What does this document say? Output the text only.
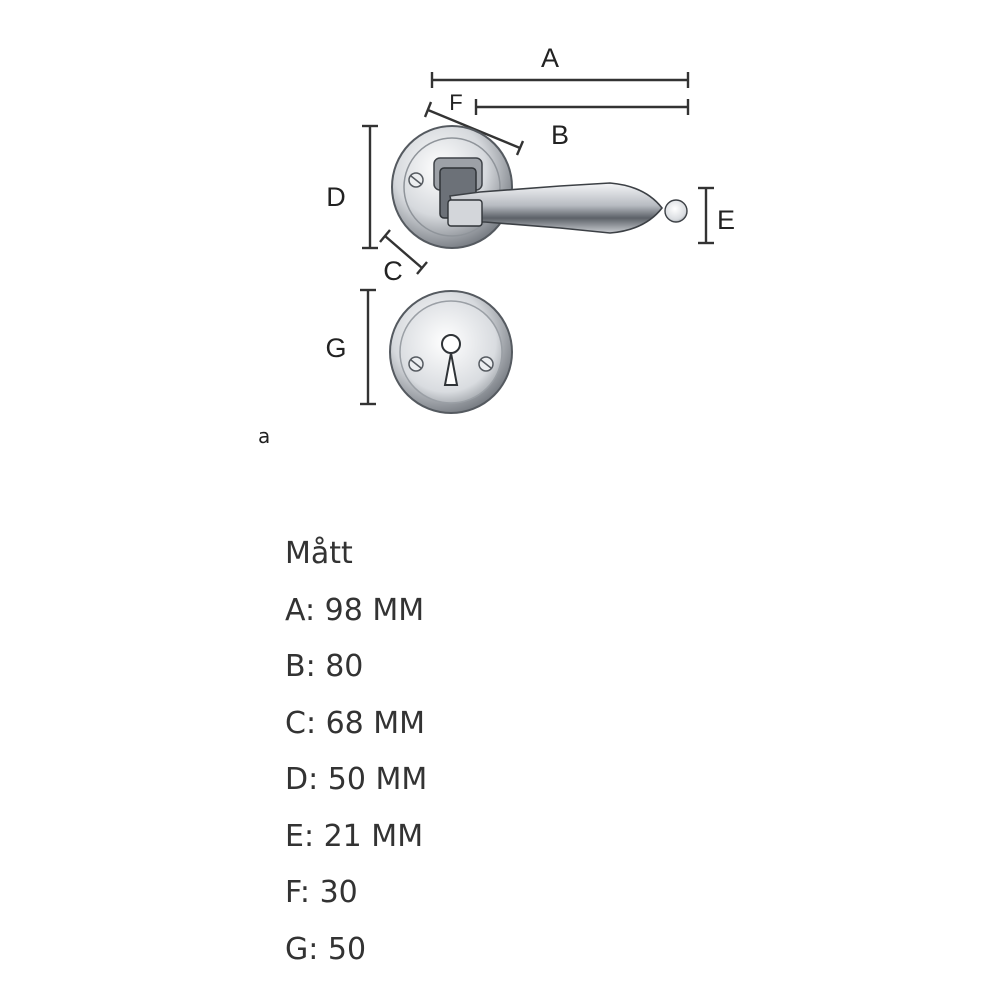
A
B
F
D
C
E
G
a
Mått
A: 98 MM
B: 80
C: 68 MM
D: 50 MM
E: 21 MM
F: 30
G: 50
